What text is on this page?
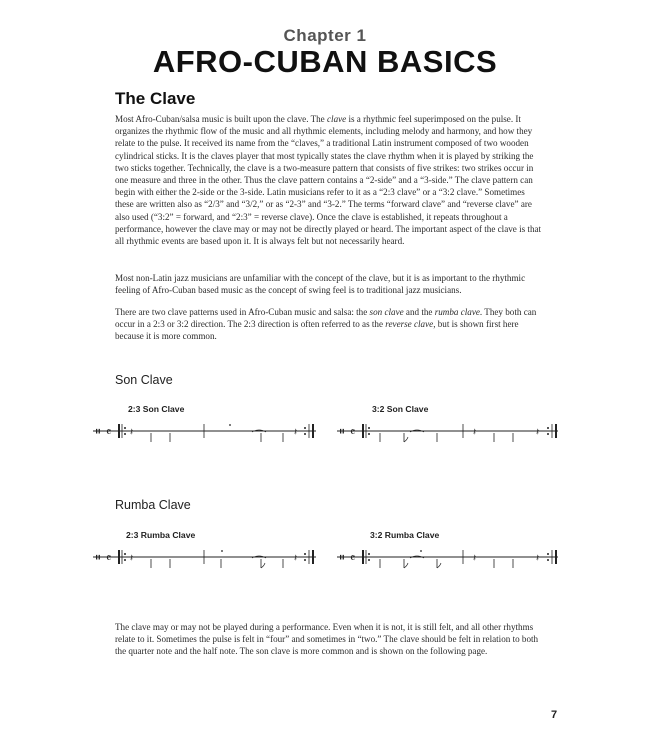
Chapter 1
AFRO-CUBAN BASICS
The Clave

Most Afro-Cuban/salsa music is built upon the clave. The clave is a rhythmic feel superimposed on the pulse. It organizes the rhythmic flow of the music and all rhythmic elements, including melody and harmony, and how they relate to the pulse. It received its name from the “claves,” a traditional Latin instrument composed of two wooden cylindrical sticks. It is the claves player that most typically states the clave rhythm when it is played by striking the two sticks together. Technically, the clave is a two-measure pattern that consists of five strikes: two strikes occur in one measure and three in the other. Thus the clave pattern contains a “2-side” and a “3-side.” The clave pattern can begin with either the 2-side or the 3-side. Latin musicians refer to it as a “2:3 clave” or a “3:2 clave.” Sometimes these are written also as “2/3” and “3/2,” or as “2-3” and “3-2.” The terms “forward clave” and “reverse clave” are also used (“3:2” = forward, and “2:3” = reverse clave). Once the clave is established, it repeats throughout a performance, however the clave may or may not be directly played or heard. The important aspect of the clave is that all rhythmic events are based upon it. It is always felt but not necessarily heard.

Most non-Latin jazz musicians are unfamiliar with the concept of the clave, but it is as important to the rhythmic feeling of Afro-Cuban based music as the concept of swing feel is to traditional jazz musicians.

There are two clave patterns used in Afro-Cuban music and salsa: the son clave and the rumba clave. They both can occur in a 2:3 or 3:2 direction. The 2:3 direction is often referred to as the reverse clave, but is shown first here because it is more common.

Son Clave
2:3 Son Clave	3:2 Son Clave
Rumba Clave
2:3 Rumba Clave	3:2 Rumba Clave
𝄥 𝄴 𝄽	𝄽	𝄥 𝄴	𝄽	𝄽
𝄥 𝄴 𝄽	𝄽	𝄥 𝄴	𝄽	𝄽

The clave may or may not be played during a performance. Even when it is not, it is still felt, and all other rhythms relate to it. Sometimes the pulse is felt in “four” and sometimes in “two.” The clave should be felt in relation to both the quarter note and the half note. The son clave is more common and is shown on the following page.

7
